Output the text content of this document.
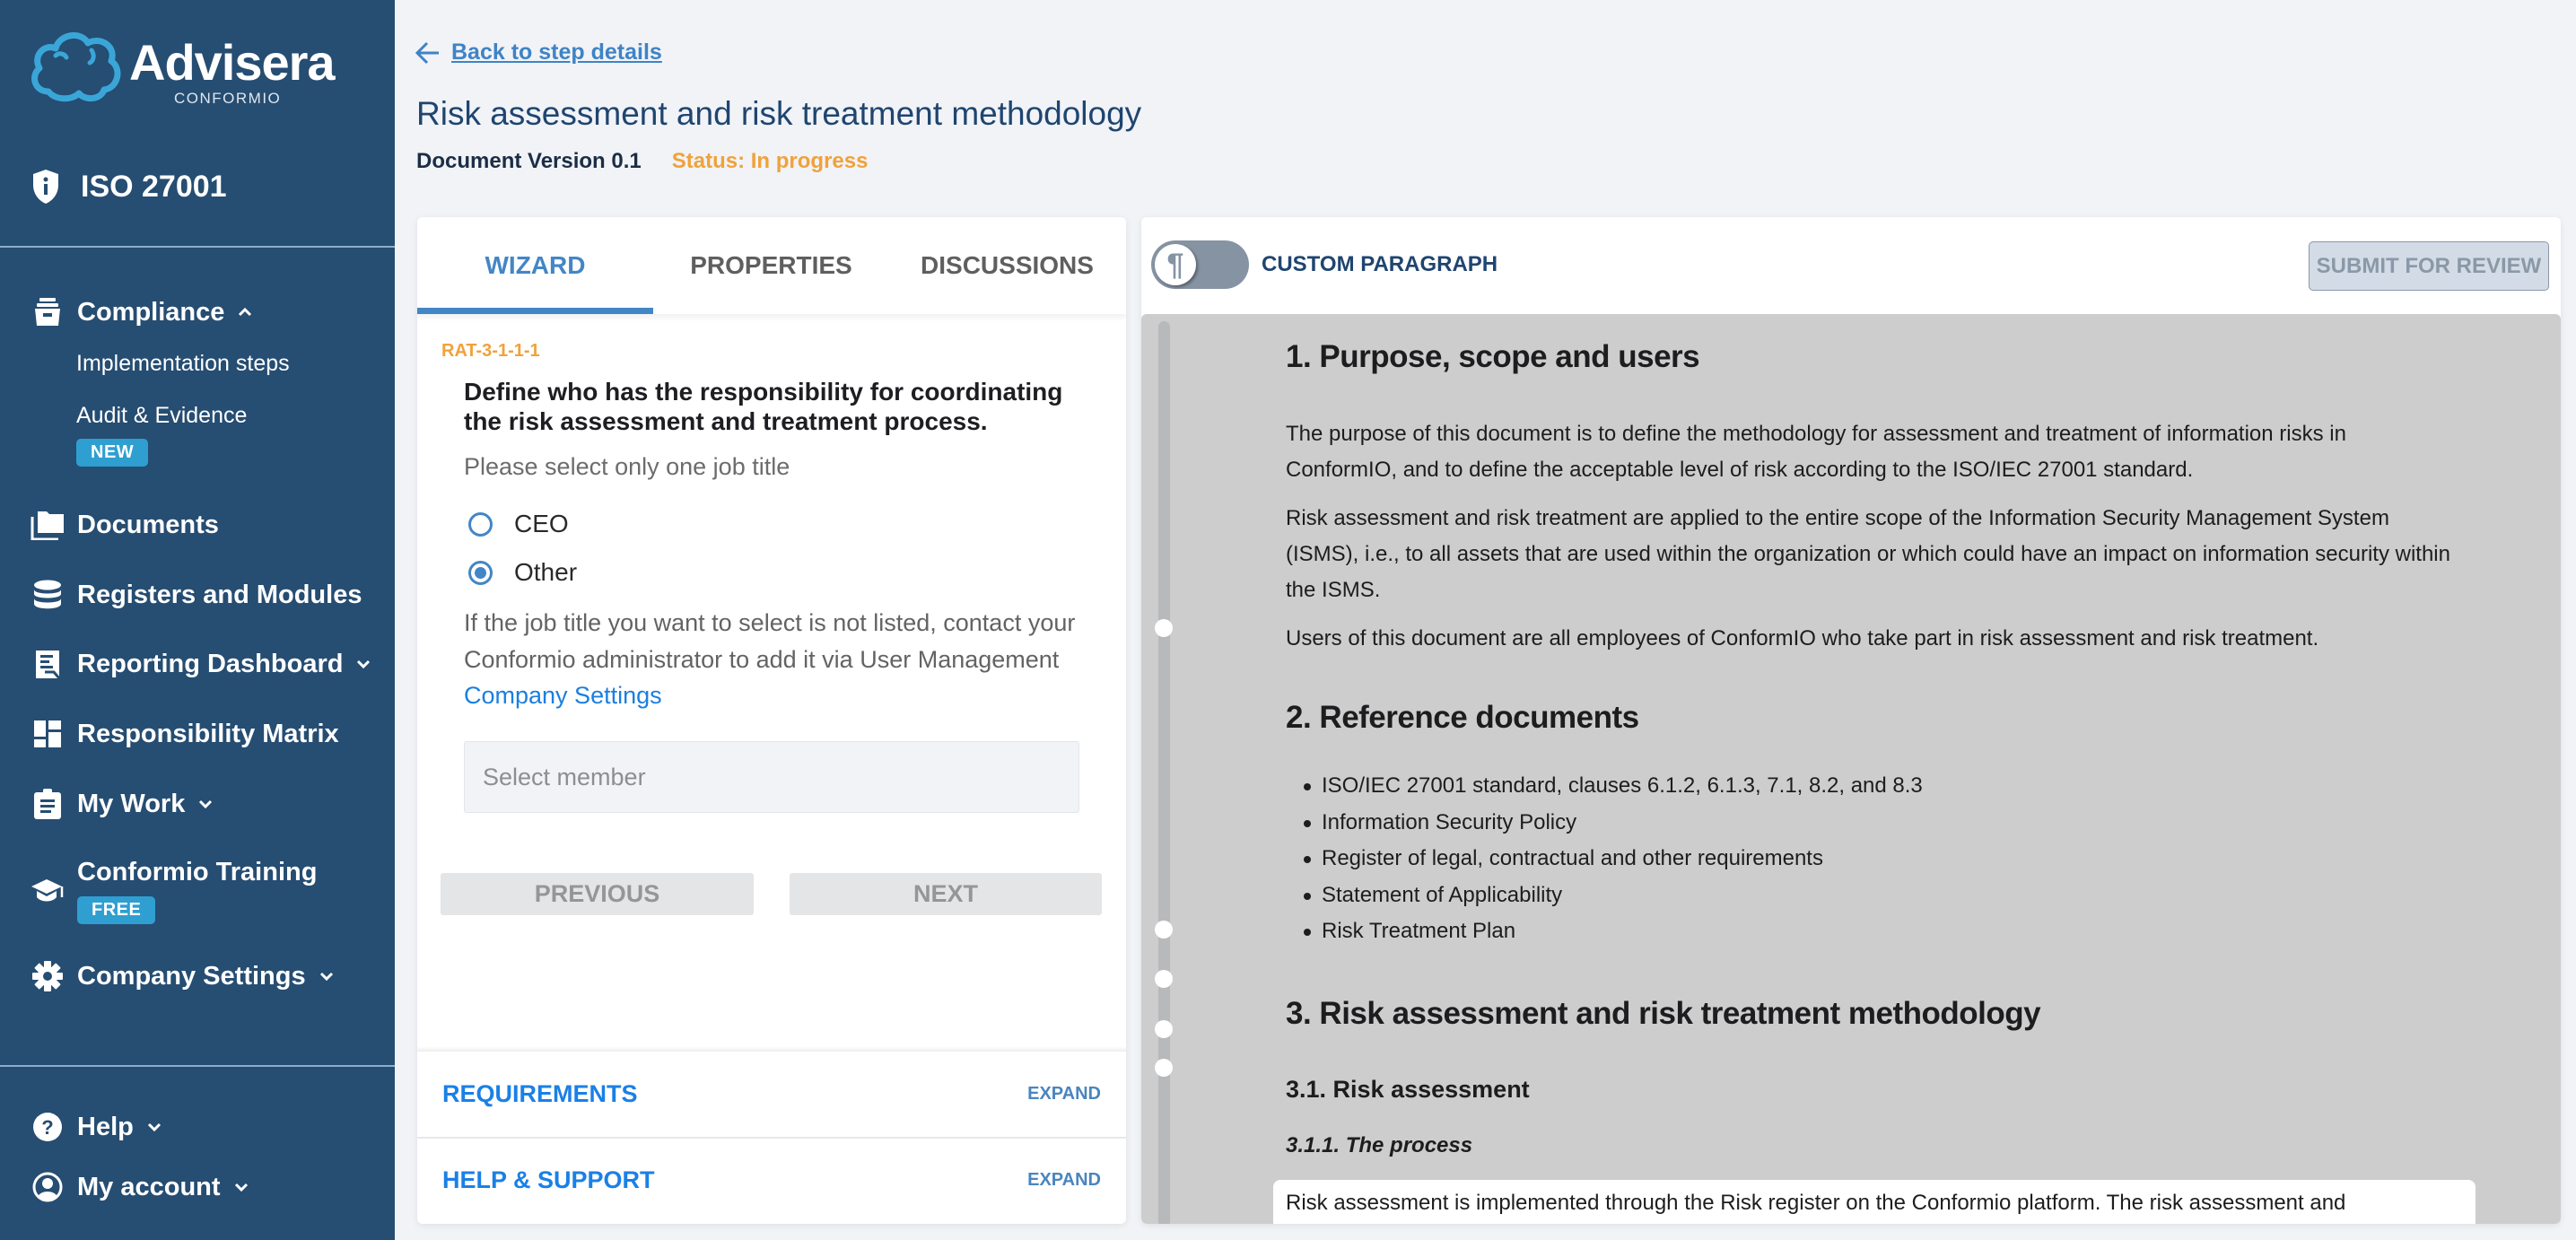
Advisera
CONFORMIO
ISO 27001
Compliance
Implementation steps
Audit & Evidence
NEW
Documents
Registers and Modules
Reporting Dashboard
Responsibility Matrix
My Work
Conformio Training
FREE
Company Settings
? Help
My account
Back to step details
Risk assessment and risk treatment methodology
Document Version 0.1 Status: In progress
WIZARD	PROPERTIES	DISCUSSIONS
RAT-3-1-1-1
Define who has the responsibility for coordinating the risk assessment and treatment process.
Please select only one job title
CEO
Other
If the job title you want to select is not listed, contact your Conformio administrator to add it via User Management Company Settings
Select member
PREVIOUS	NEXT
REQUIREMENTS	EXPAND
HELP & SUPPORT	EXPAND
¶	CUSTOM PARAGRAPH	SUBMIT FOR REVIEW
1. Purpose, scope and users
The purpose of this document is to define the methodology for assessment and treatment of information risks in ConformIO, and to define the acceptable level of risk according to the ISO/IEC 27001 standard.
Risk assessment and risk treatment are applied to the entire scope of the Information Security Management System (ISMS), i.e., to all assets that are used within the organization or which could have an impact on information security within the ISMS.
Users of this document are all employees of ConformIO who take part in risk assessment and risk treatment.
2. Reference documents
ISO/IEC 27001 standard, clauses 6.1.2, 6.1.3, 7.1, 8.2, and 8.3
Information Security Policy
Register of legal, contractual and other requirements
Statement of Applicability
Risk Treatment Plan
3. Risk assessment and risk treatment methodology
3.1. Risk assessment
3.1.1. The process
Risk assessment is implemented through the Risk register on the Conformio platform. The risk assessment and
